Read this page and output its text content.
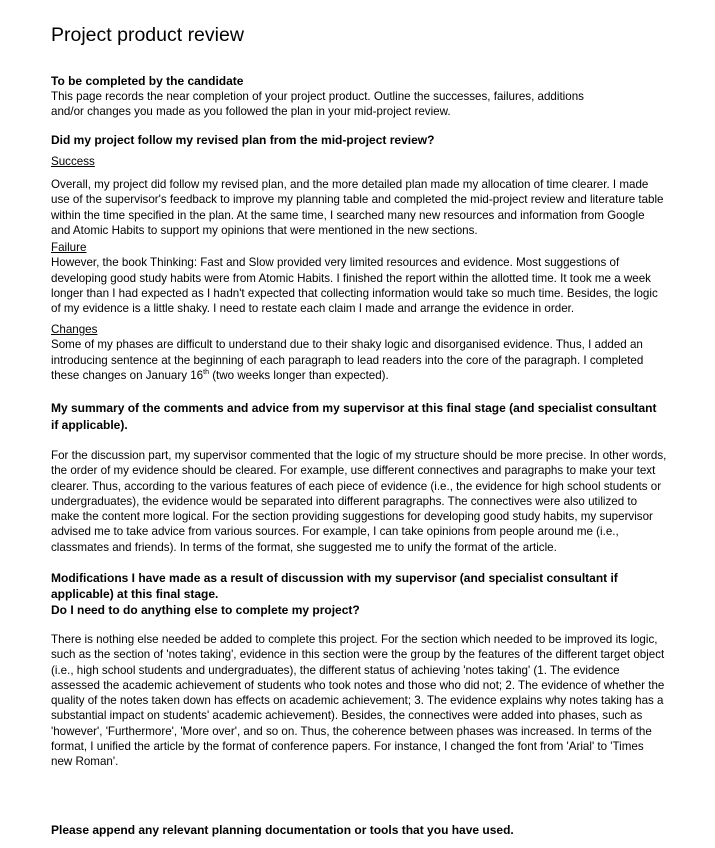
Project product review

To be completed by the candidate

This page records the near completion of your project product. Outline the successes, failures, additions and/or changes you made as you followed the plan in your mid-project review.

Did my project follow my revised plan from the mid-project review?

Success

Overall, my project did follow my revised plan, and the more detailed plan made my allocation of time clearer. I made use of the supervisor's feedback to improve my planning table and completed the mid-project review and literature table within the time specified in the plan. At the same time, I searched many new resources and information from Google and Atomic Habits to support my opinions that were mentioned in the new sections.

Failure

However, the book Thinking: Fast and Slow provided very limited resources and evidence. Most suggestions of developing good study habits were from Atomic Habits. I finished the report within the allotted time. It took me a week longer than I had expected as I hadn't expected that collecting information would take so much time. Besides, the logic of my evidence is a little shaky. I need to restate each claim I made and arrange the evidence in order.

Changes

Some of my phases are difficult to understand due to their shaky logic and disorganised evidence. Thus, I added an introducing sentence at the beginning of each paragraph to lead readers into the core of the paragraph. I completed these changes on January 16th (two weeks longer than expected).

My summary of the comments and advice from my supervisor at this final stage (and specialist consultant if applicable).

For the discussion part, my supervisor commented that the logic of my structure should be more precise. In other words, the order of my evidence should be cleared. For example, use different connectives and paragraphs to make your text clearer. Thus, according to the various features of each piece of evidence (i.e., the evidence for high school students or undergraduates), the evidence would be separated into different paragraphs. The connectives were also utilized to make the content more logical. For the section providing suggestions for developing good study habits, my supervisor advised me to take advice from various sources. For example, I can take opinions from people around me (i.e., classmates and friends). In terms of the format, she suggested me to unify the format of the article.

Modifications I have made as a result of discussion with my supervisor (and specialist consultant if applicable) at this final stage.

Do I need to do anything else to complete my project?

There is nothing else needed be added to complete this project. For the section which needed to be improved its logic, such as the section of 'notes taking', evidence in this section were the group by the features of the different target object (i.e., high school students and undergraduates), the different status of achieving 'notes taking' (1. The evidence assessed the academic achievement of students who took notes and those who did not; 2. The evidence of whether the quality of the notes taken down has effects on academic achievement; 3. The evidence explains why notes taking has a substantial impact on students' academic achievement). Besides, the connectives were added into phases, such as 'however', 'Furthermore', 'More over', and so on. Thus, the coherence between phases was increased. In terms of the format, I unified the article by the format of conference papers. For instance, I changed the font from 'Arial' to 'Times new Roman'.

Please append any relevant planning documentation or tools that you have used.
